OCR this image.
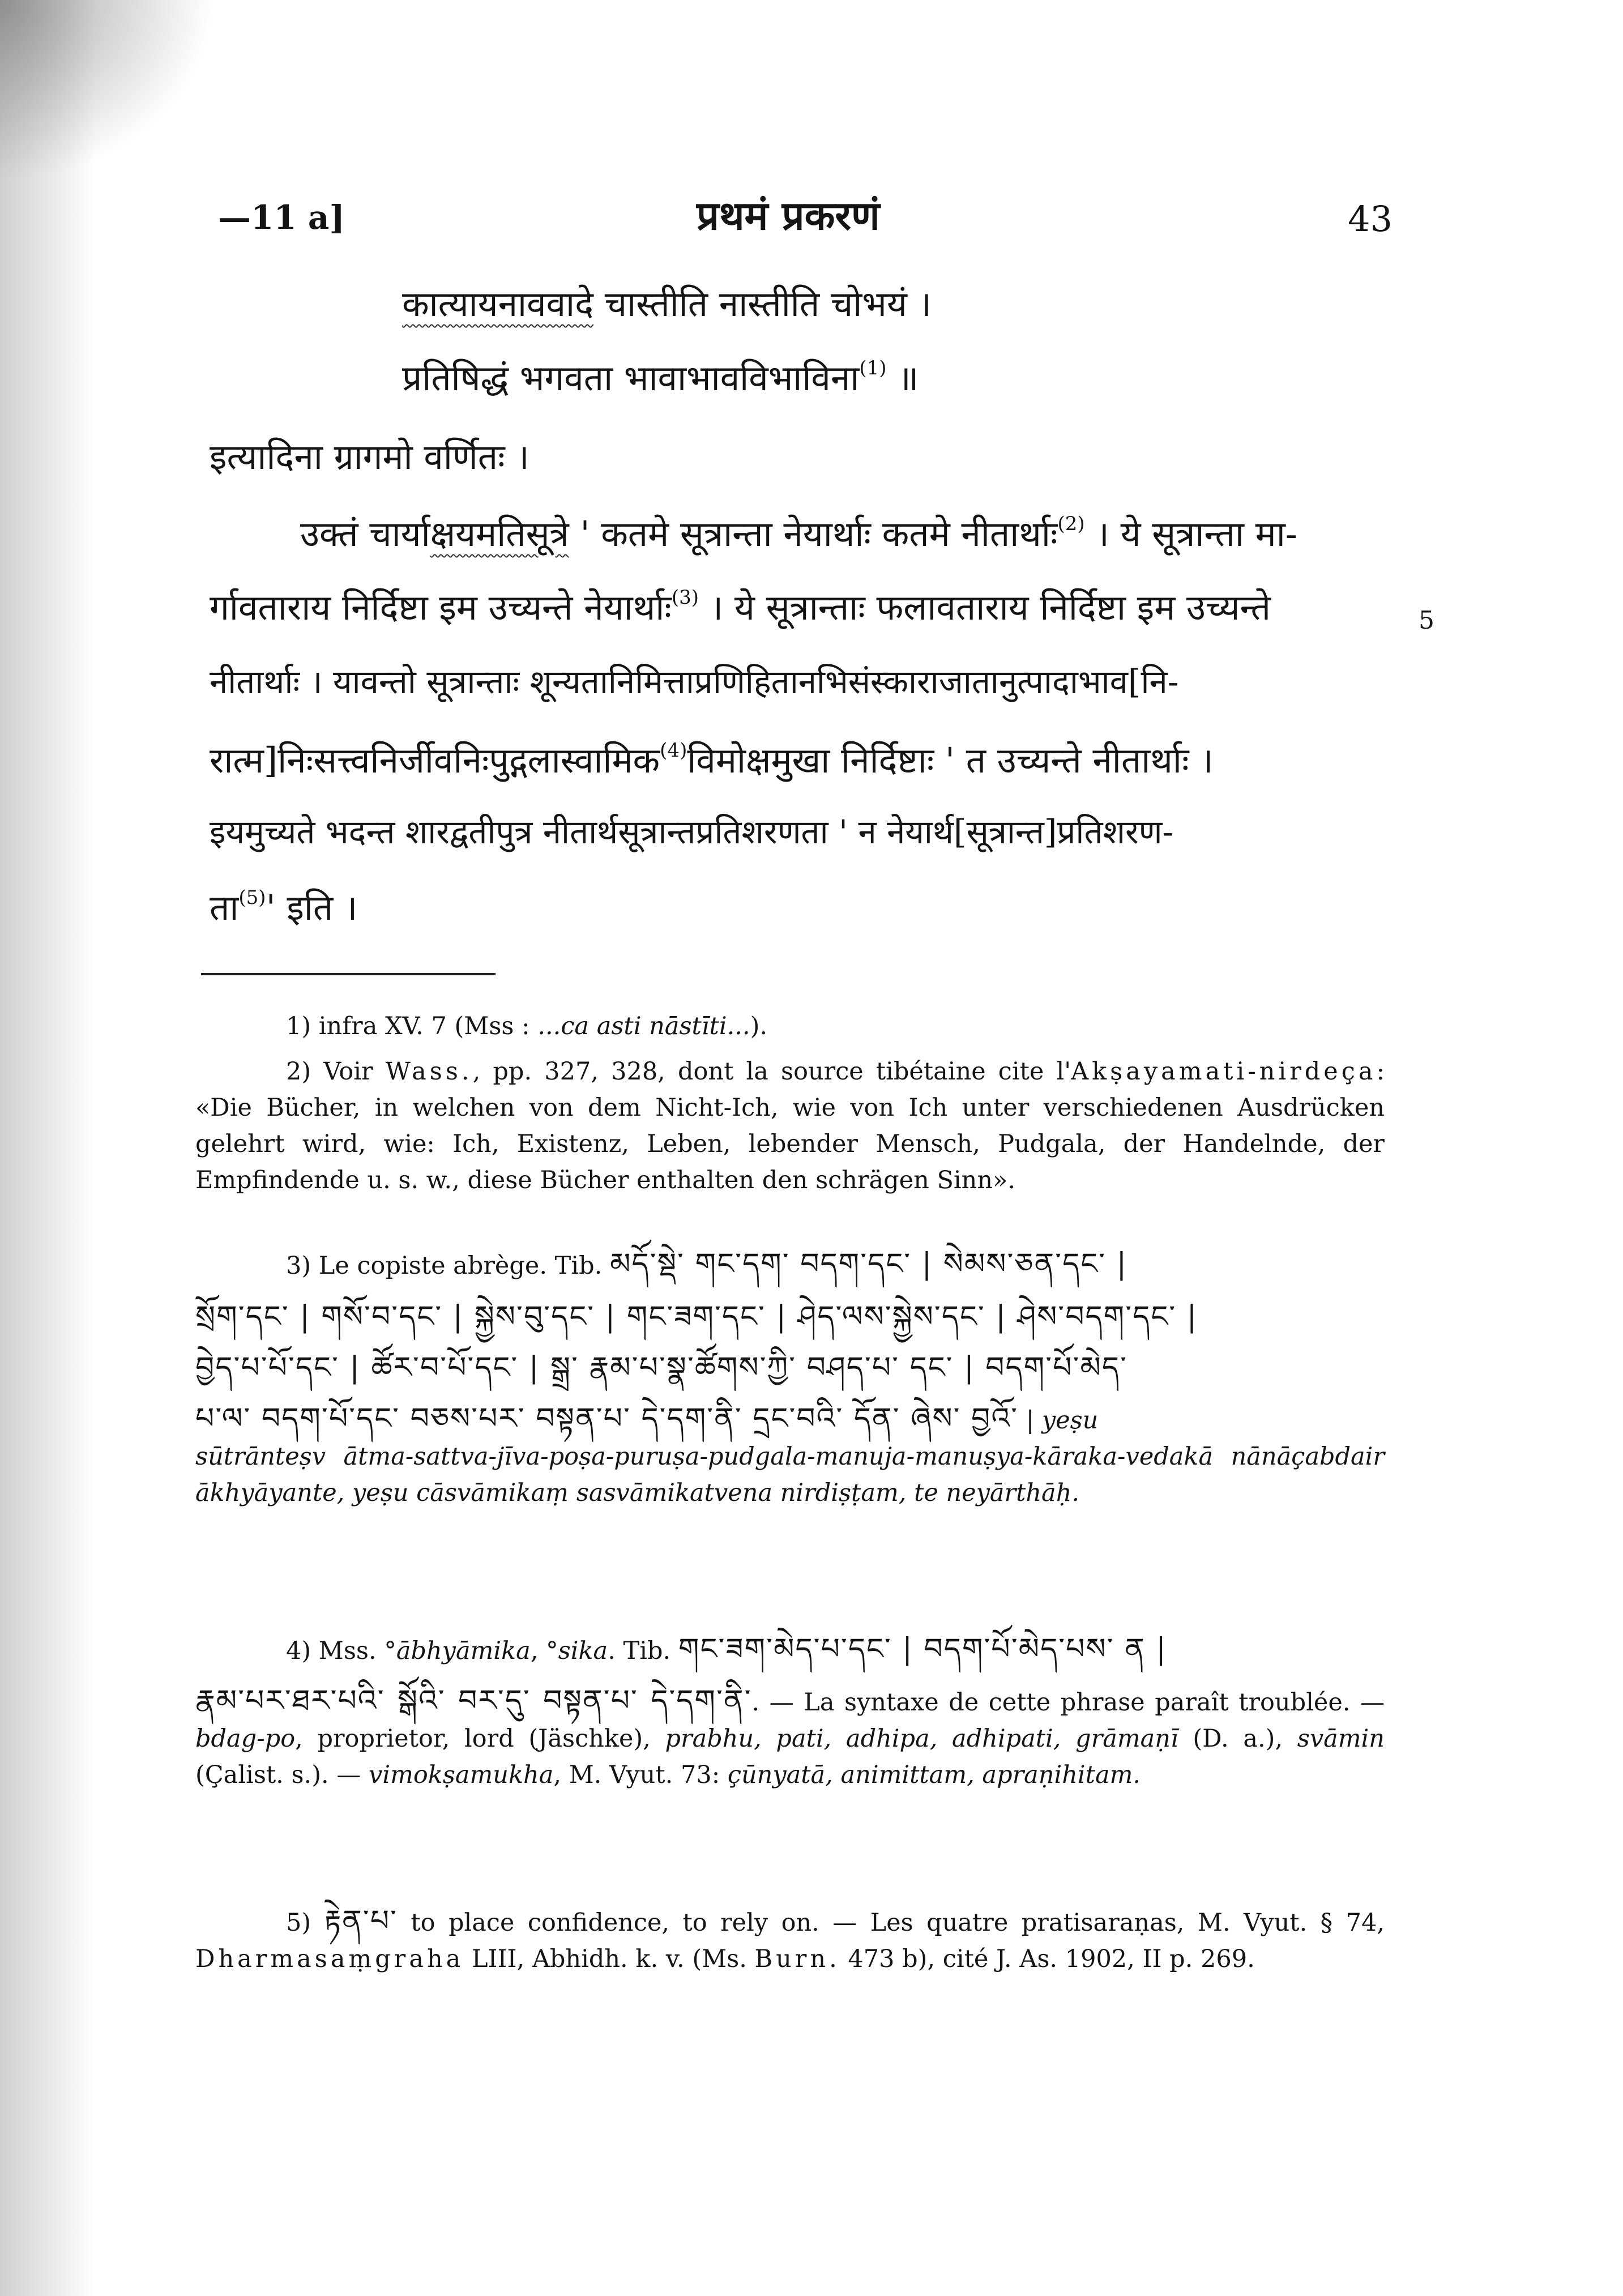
—11 a]	प्रथमं प्रकरणं	43
कात्यायनाववादे चास्तीति नास्तीति चोभयं ।
प्रतिषिद्धं भगवता भावाभावविभाविना$^{(1)}$ ॥
इत्यादिना ग्रागमो वर्णितः ।
उक्तं चार्याक्षयमतिसूत्रे ' कतमे सूत्रान्ता नेयार्थाः कतमे नीतार्थाः$^{(2)}$ । ये सूत्रान्ता मा-
र्गावताराय निर्दिष्टा इम उच्यन्ते नेयार्थाः$^{(3)}$ । ये सूत्रान्ताः फलावताराय निर्दिष्टा इम उच्यन्ते	5
नीतार्थाः । यावन्तो सूत्रान्ताः शून्यतानिमित्ताप्रणिहितानभिसंस्काराजातानुत्पादाभाव[नि-
रात्म]निःसत्त्वनिर्जीवनिःपुद्गलास्वामिक$^{(4)}$विमोक्षमुखा निर्दिष्टाः ' त उच्यन्ते नीतार्थाः ।
इयमुच्यते भदन्त शारद्वतीपुत्र नीतार्थसूत्रान्तप्रतिशरणता ' न नेयार्थ[सूत्रान्त]प्रतिशरण-
ता$^{(5)}$' इति ।
1) infra XV. 7 (Mss : ...ca asti nāstīti...).
2) Voir Wass., pp. 327, 328, dont la source tibétaine cite l'Akṣayamati-nirdeça: «Die Bücher, in welchen von dem Nicht-Ich, wie von Ich unter verschiedenen Ausdrücken gelehrt wird, wie: Ich, Existenz, Leben, lebender Mensch, Pudgala, der Handelnde, der Empfindende u. s. w., diese Bücher enthalten den schrägen Sinn».
3) Le copiste abrège. Tib. མདོ་སྡེ་ གང་དག་ བདག་དང་ | སེམས་ཅན་དང་ |
སྲོག་དང་ | གསོ་བ་དང་ | སྐྱེས་བུ་དང་ | གང་ཟག་དང་ | ཤེད་ལས་སྐྱེས་དང་ | ཤེས་བདག་དང་ |
བྱེད་པ་པོ་དང་ | ཚོར་བ་པོ་དང་ | སྒྲ་ རྣམ་པ་སྣ་ཚོགས་ཀྱི་ བཤད་པ་ དང་ | བདག་པོ་མེད་
པ་ལ་ བདག་པོ་དང་ བཅས་པར་ བསྟན་པ་ དེ་དག་ནི་ དྲང་བའི་ དོན་ ཞེས་ བྱའོ་ | yeṣu
sūtrānteṣv ātma-sattva-jīva-poṣa-puruṣa-pudgala-manuja-manuṣya-kāraka-vedakā nānāçabdair ākhyāyante, yeṣu cāsvāmikaṃ sasvāmikatvena nirdiṣṭam, te neyārthāḥ.
4) Mss. °ābhyāmika, °sika. Tib. གང་ཟག་མེད་པ་དང་ | བདག་པོ་མེད་པས་ ན |
རྣམ་པར་ཐར་པའི་ སྒོའི་ བར་དུ་ བསྟན་པ་ དེ་དག་ནི་. — La syntaxe de cette phrase paraît troublée. — bdag-po, proprietor, lord (Jäschke), prabhu, pati, adhipa, adhipati, grāmaṇī (D. a.), svāmin (Çalist. s.). — vimokṣamukha, M. Vyut. 73: çūnyatā, animittam, apraṇihitam.
5) རྟེན་པ་ to place confidence, to rely on. — Les quatre pratisaraṇas, M. Vyut. § 74, Dharmasaṃgraha LIII, Abhidh. k. v. (Ms. Burn. 473 b), cité J. As. 1902, II p. 269.
